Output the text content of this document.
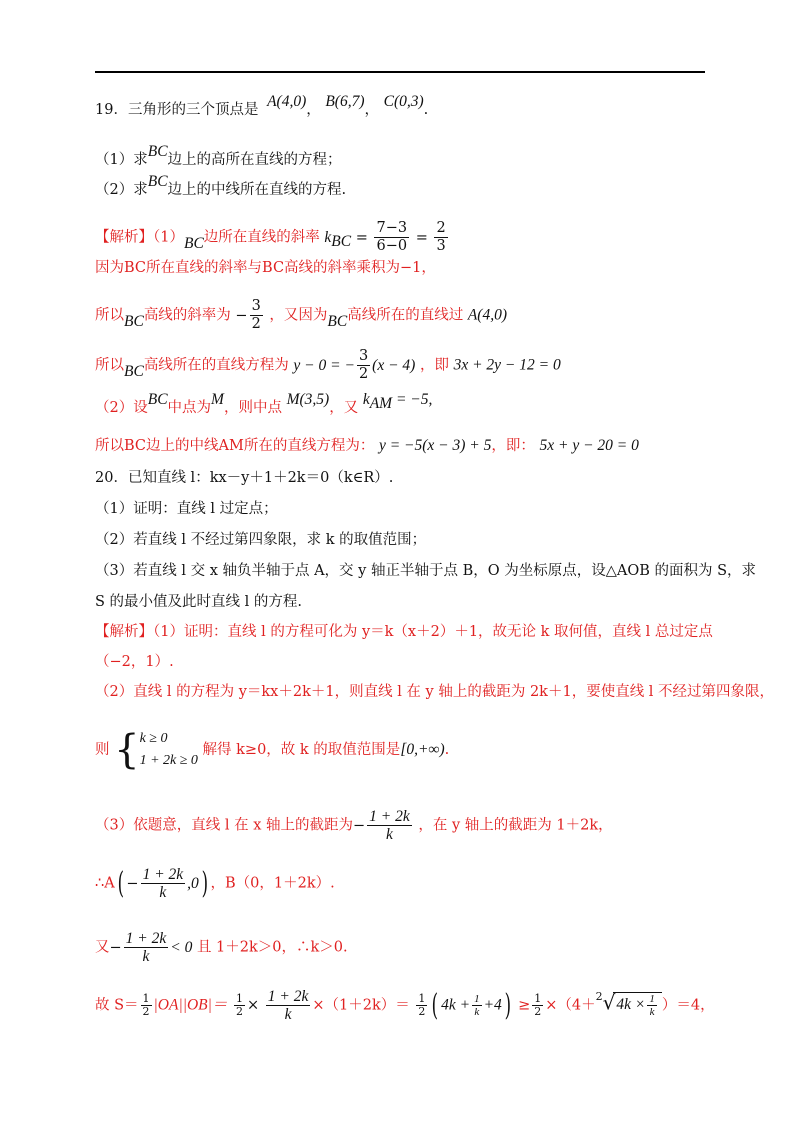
19．三角形的三个顶点是 A(4,0)， B(6,7)， C(0,3).
（1）求BC边上的高所在直线的方程；
（2）求BC边上的中线所在直线的方程.
【解析】（1）BC边所在直线的斜率 $k_{BC} = \frac{7-3}{6-0} = \frac{2}{3}$
因为BC所在直线的斜率与BC高线的斜率乘积为−1，
所以BC高线的斜率为 − $\frac{3}{2}$ ，又因为BC高线所在的直线过 A(4,0)
所以BC高线所在的直线方程为 y − 0 = − $\frac{3}{2} (x - 4)$ ，即 3x + 2y − 12 = 0
（2）设BC中点为M，则中点 M(3,5)，又 $k_{AM} = -5$,
所以BC边上的中线AM所在的直线方程为： y = −5(x − 3) + 5，即： 5x + y − 20 = 0
20．已知直线 l：kx－y＋1＋2k＝0（k∈R）.
（1）证明：直线 l 过定点；
（2）若直线 l 不经过第四象限，求 k 的取值范围；
（3）若直线 l 交 x 轴负半轴于点 A，交 y 轴正半轴于点 B，O 为坐标原点，设△AOB 的面积为 S，求
S 的最小值及此时直线 l 的方程.
【解析】（1）证明：直线 l 的方程可化为 y＝k（x＋2）＋1，故无论 k 取何值，直线 l 总过定点
（−2，1）.
（2）直线 l 的方程为 y＝kx＋2k＋1，则直线 l 在 y 轴上的截距为 2k＋1，要使直线 l 不经过第四象限，
则 { k ≥ 0
1 + 2k ≥ 0
解得 k≥0，故 k 的取值范围是[0,+∞).
（3）依题意，直线 l 在 x 轴上的截距为− $\frac{1 + 2k}{k}$ ，在 y 轴上的截距为 1＋2k，
∴A( − $\frac{1 + 2k}{k} ,0$) ，B（0，1＋2k）.
又− $\frac{1 + 2k}{k} < 0$ 且 1＋2k＞0，∴k＞0.
故 $S= \frac{1}{2} |OA||OB|= \frac{1}{2} \times \frac{1 + 2k}{k} \times(1+2k)= \frac{1}{2}$ ( $4k + \frac{1}{k} +4) \ge \frac{1}{2} \times(4+^2√4k \times \frac{1}{k} )=4$，
